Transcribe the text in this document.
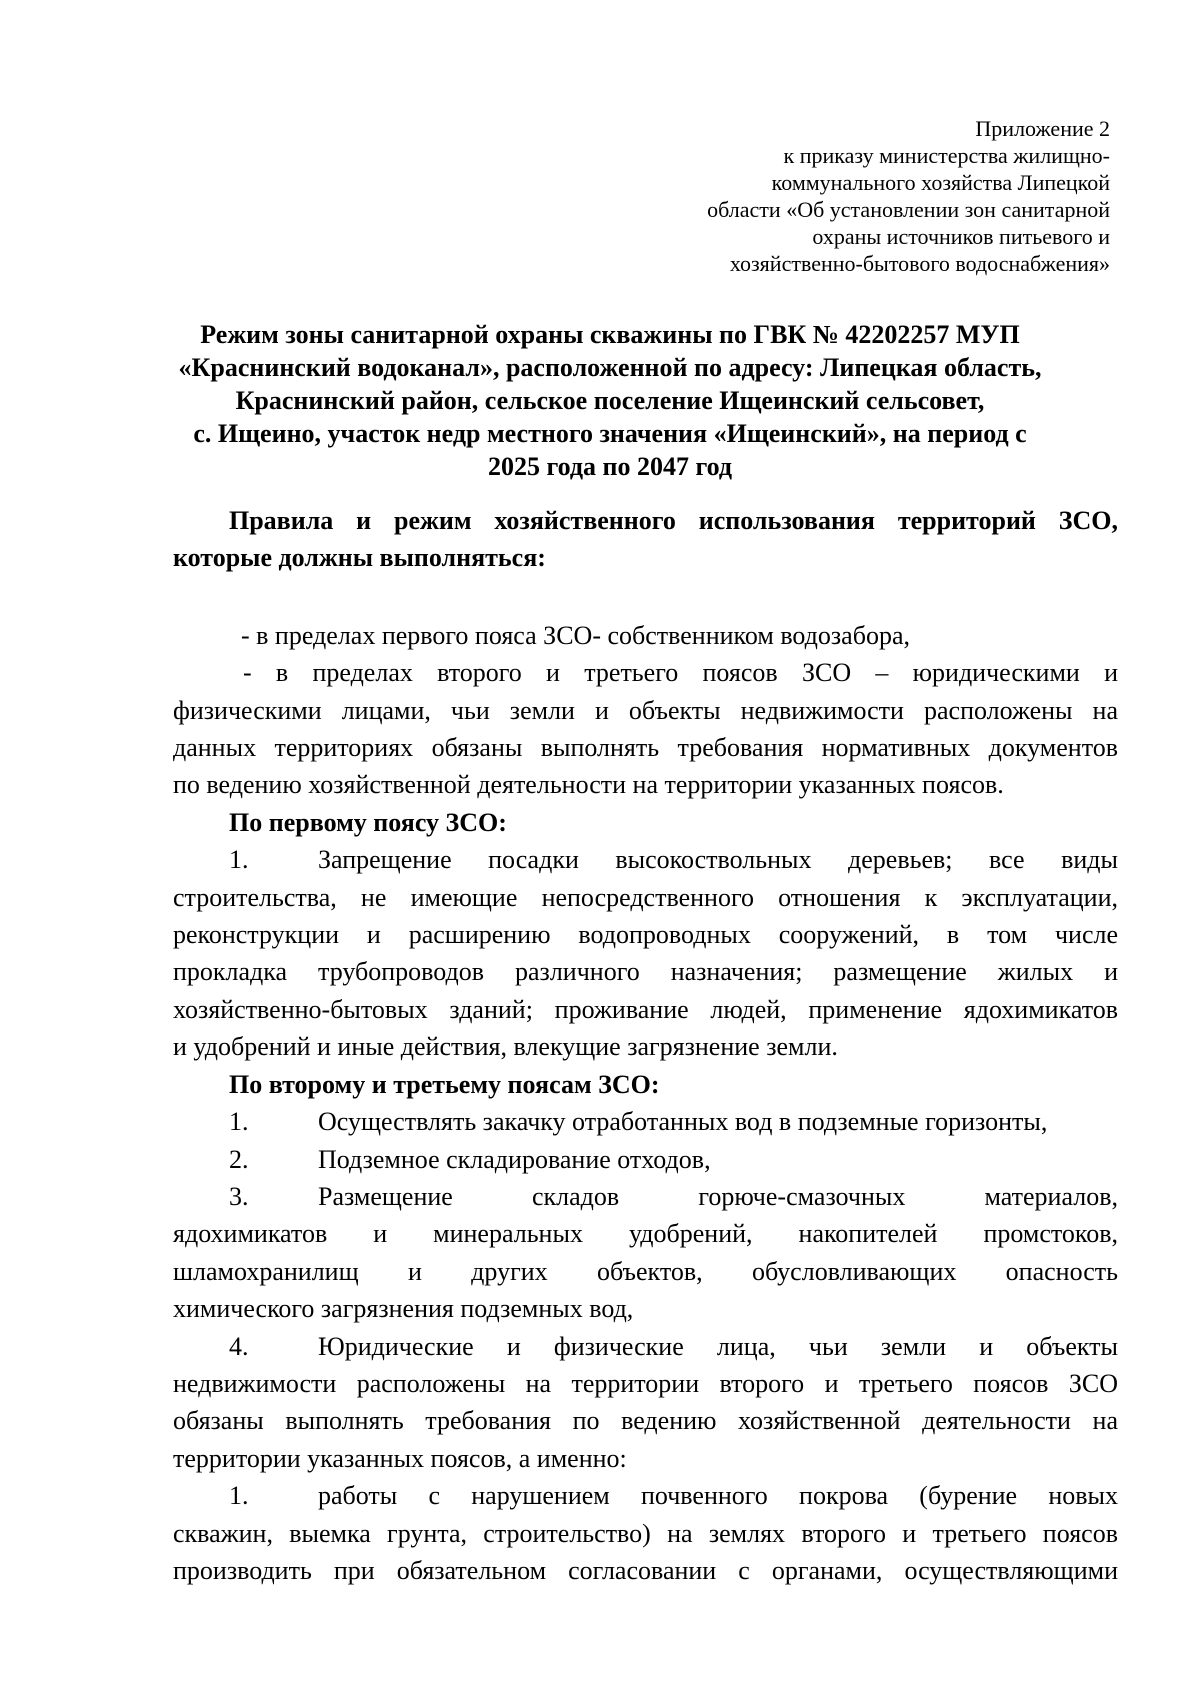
Приложение 2
к приказу министерства жилищно-
коммунального хозяйства Липецкой
области «Об установлении зон санитарной
охраны источников питьевого и
хозяйственно-бытового водоснабжения»
Режим зоны санитарной охраны скважины по ГВК № 42202257 МУП
«Краснинский водоканал», расположенной по адресу: Липецкая область,
Краснинский район, сельское поселение Ищеинский сельсовет,
с. Ищеино, участок недр местного значения «Ищеинский», на период с
2025 года по 2047 год
Правила и режим хозяйственного использования территорий ЗСО,
которые должны выполняться:
- в пределах первого пояса ЗСО- собственником водозабора,
- в пределах второго и третьего поясов ЗСО – юридическими и
физическими лицами, чьи земли и объекты недвижимости расположены на
данных территориях обязаны выполнять требования нормативных документов
по ведению хозяйственной деятельности на территории указанных поясов.
По первому поясу ЗСО:
1.	Запрещение посадки высокоствольных деревьев; все виды
строительства, не имеющие непосредственного отношения к эксплуатации,
реконструкции и расширению водопроводных сооружений, в том числе
прокладка трубопроводов различного назначения; размещение жилых и
хозяйственно-бытовых зданий; проживание людей, применение ядохимикатов
и удобрений и иные действия, влекущие загрязнение земли.
По второму и третьему поясам ЗСО:
1.	Осуществлять закачку отработанных вод в подземные горизонты,
2.	Подземное складирование отходов,
3.	Размещение складов горюче-смазочных материалов,
ядохимикатов и минеральных удобрений, накопителей промстоков,
шламохранилищ и других объектов, обусловливающих опасность
химического загрязнения подземных вод,
4.	Юридические и физические лица, чьи земли и объекты
недвижимости расположены на территории второго и третьего поясов ЗСО
обязаны выполнять требования по ведению хозяйственной деятельности на
территории указанных поясов, а именно:
1.	работы с нарушением почвенного покрова (бурение новых
скважин, выемка грунта, строительство) на землях второго и третьего поясов
производить при обязательном согласовании с органами, осуществляющими
